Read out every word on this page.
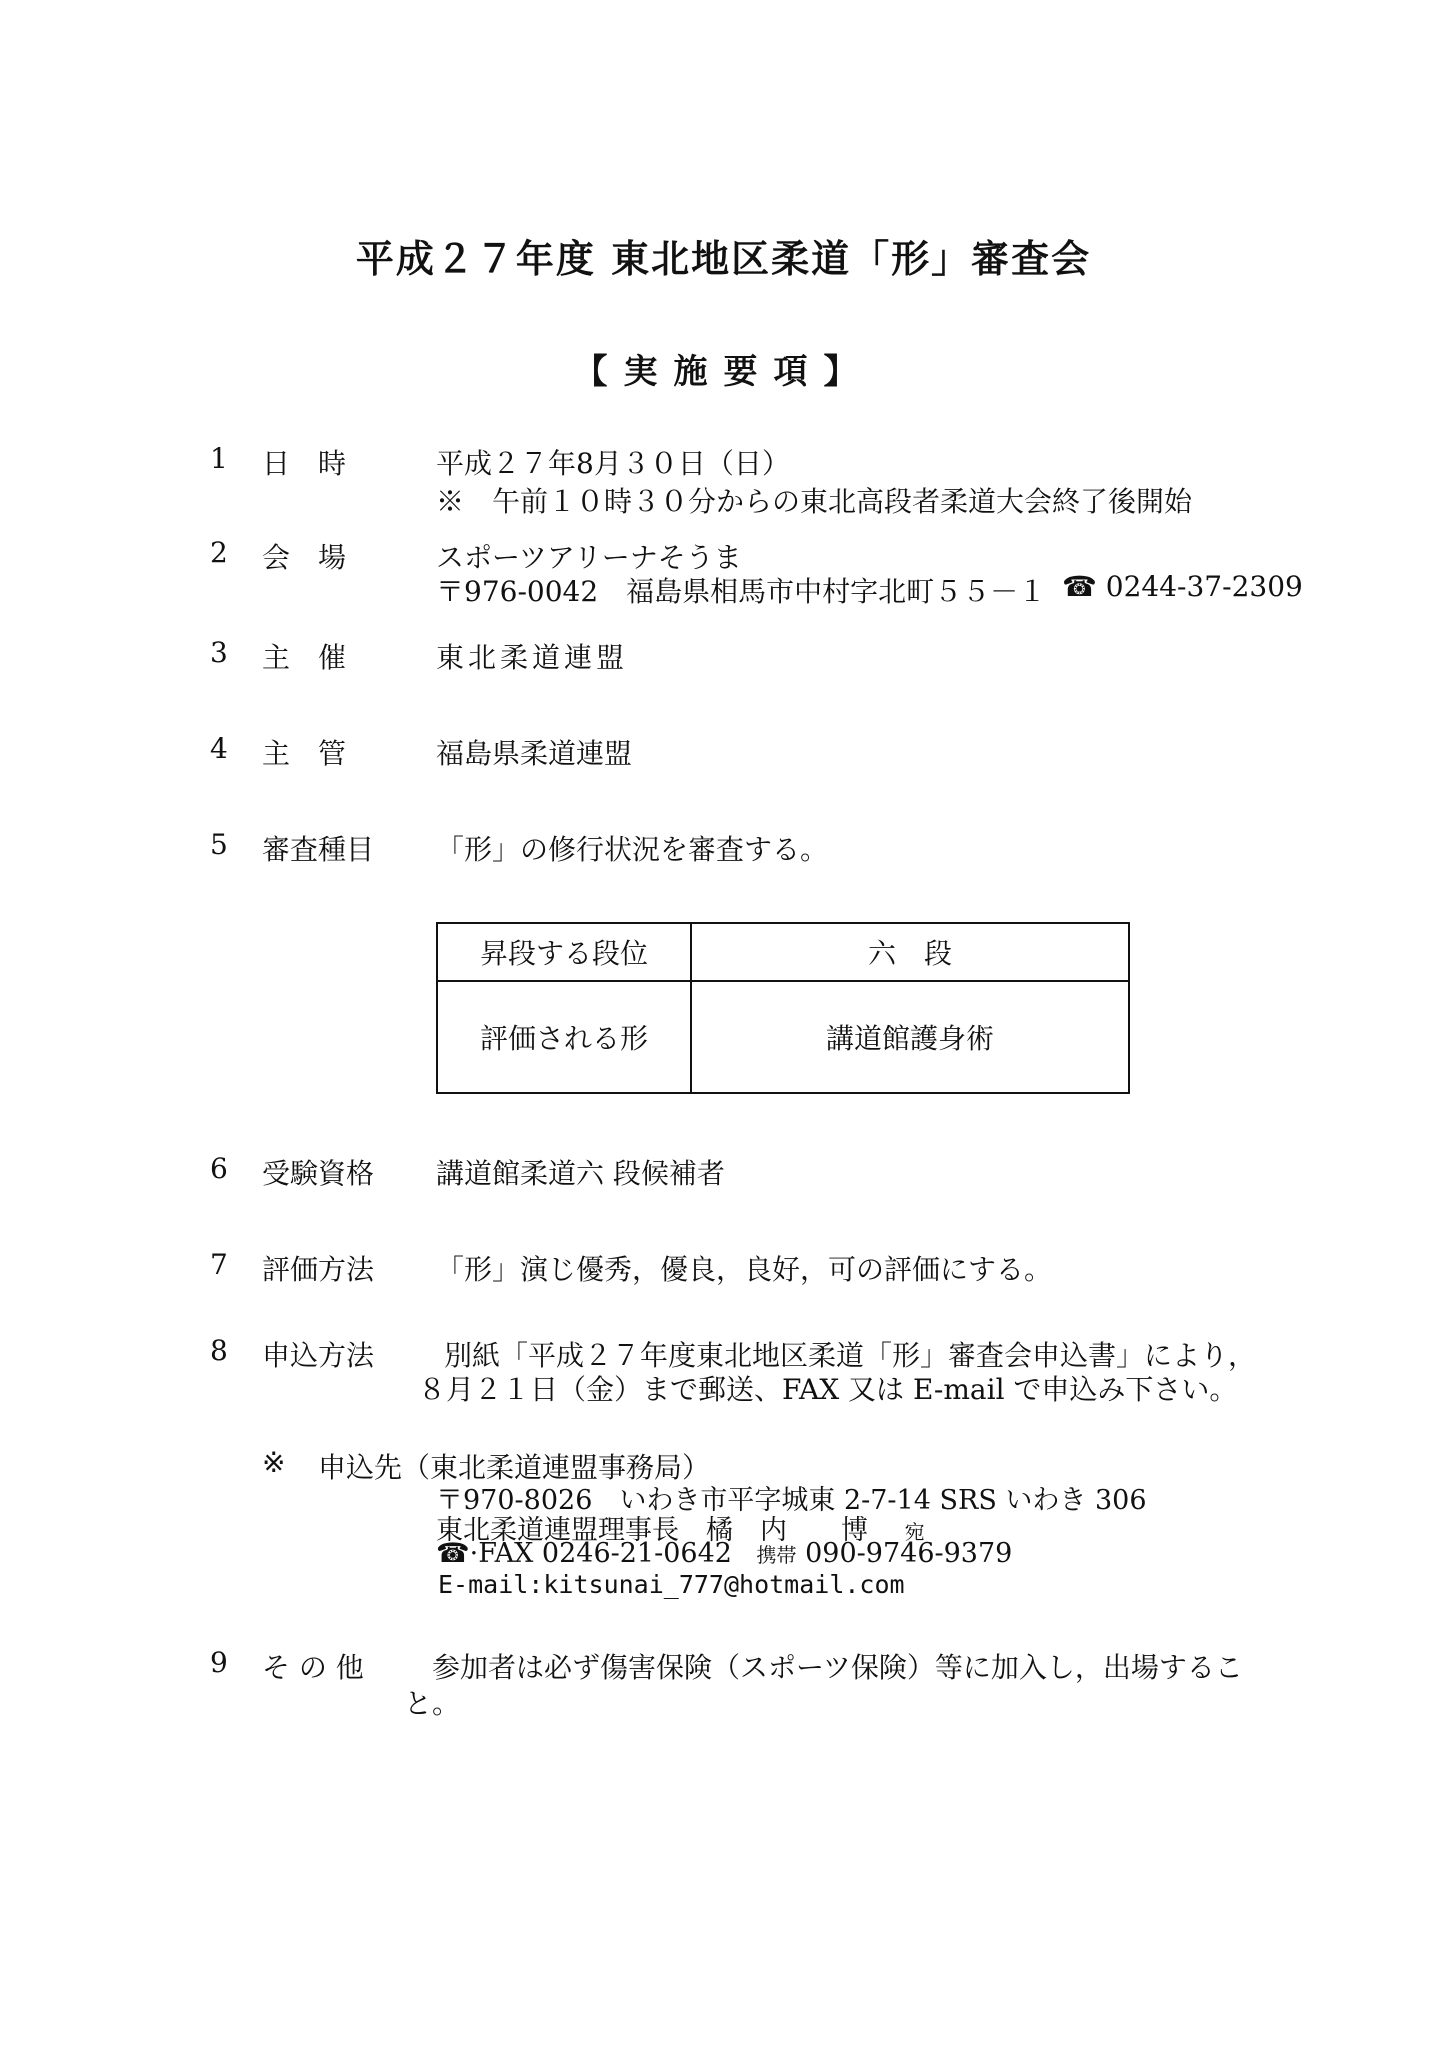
平成２７年度 東北地区柔道「形」審査会
【実施要項】
1 日　時	平成２７年8月３０日（日）
※　午前１０時３０分からの東北高段者柔道大会終了後開始
2 会　場	スポーツアリーナそうま
〒976-0042　福島県相馬市中村字北町５５－１ ☎ 0244-37-2309
3 主　催	東北柔道連盟
4 主　管	福島県柔道連盟
5 審査種目 「形」の修行状況を審査する。
昇段する段位	六　段
評価される形	講道館護身術
6 受験資格 講道館柔道六 段候補者
7 評価方法 「形」演じ優秀，優良，良好，可の評価にする。
8 申込方法 別紙「平成２７年度東北地区柔道「形」審査会申込書」により，
８月２１日（金）まで郵送、FAX 又は E-mail で申込み下さい。
※ 申込先（東北柔道連盟事務局）
〒970-8026　いわき市平字城東 2-7-14 SRS いわき 306
東北柔道連盟理事長　橘　内　　博 宛
☎·FAX 0246-21-0642 携帯 090-9746-9379
E-mail:kitsunai_777@hotmail.com
9 そ の 他 参加者は必ず傷害保険（スポーツ保険）等に加入し，出場するこ
と。
